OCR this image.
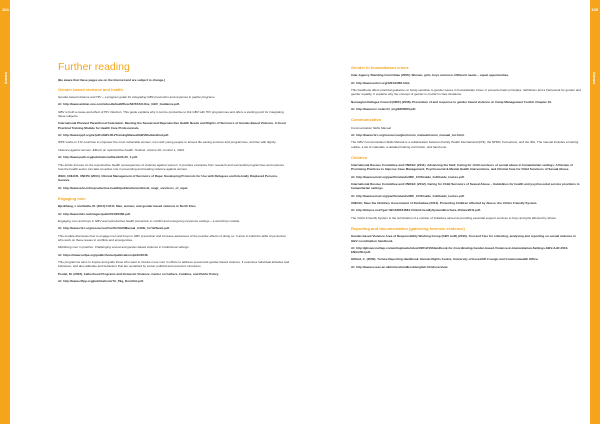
104	105
Annex	Annex
Further reading

(Be aware that these pages are on the Internet and are subject to change.)

Gender based violence and health

Gender-based violence and HIV – a program guide for integrating GBV prevention and response in pepfar programs.

At: http://www.aidstar-one.com/sites/default/files/AIDSTAR-One_GBV_Guidance.pdf.

GBV is both a cause and effect of HIV infection. This guide explains why it can be productive to link GBV with HIV programmes and offers a starting point for integrating these subjects.

International Planned Parenthood Federation. Meeting the Sexual and Reproductive Health Needs and Rights of Survivors of Gender-Based Violence. A Good Practical Training Module for Health Care Professionals.

At: http://www.ippf.org/nr/pdfs/GBV-RH/TrainingManual/GBVModuleHind.pdf.

IPPF works in 172 countries to empower the most vulnerable women, men and young people to access life-saving services and programmes, and live with dignity.

Violence against women. Effects on reproductive health. Outlook, volume 20, number 1, 2001.

At: http://www.path.org/publications/files/EOL20_1.pdf.

This article focuses on the reproductive health consequences of violence against women. It provides examples from research and successful programmes and explores how the health sector can take an active role in preventing and treating violence against women.

WHO, UNHCR, UNFPA (2004). Clinical Management of Survivors of Rape: Developing Protocols for Use with Refugees and Internally Displaced Persons. Geneva.

At: http://www.who.int/reproductive-health/publications/clinical_mngt_survivors_of_rape/.

Engaging men

Bjerkhaug, I. and Bella, M. (2014) FAFO. Men, women, and gender-based violence in North Kivu.

At: http://www.fafo.no/images/pub/2014/20366.pdf.

Engaging men and boys in GBV and reproductive health prevention in conflict and emergency-response settings – a workshop module.

At: http://www.rhrc.org/resources/Conflict%20Manual_CARE_for%20web.pdf.

This module discusses how to engage men and boys in GBV prevention and increase awareness of the positive effects of doing so. It aims to build the skills of personnel who work on these issues in conflicts and emergencies.

Mobilising men in practice. Challenging sexual and gender-based violence in institutional settings.

At: https://www.unfpa.org/public/home/publications/pid/10046.

This programme aims to inspire and guide those who want to involve more men in efforts to address sexual and gender-based violence. It examines individual attitudes and behaviour, and also attitudes and behaviour that are sustained by social, political and economic structures.

Poulet, M. (2003). Fatherhood Programs and Domestic Violence. Center on Fathers, Families, and Public Policy.

At: http://www.cffpp.org/publications/TA_Pkg_DomViol.pdf.

Gender in humanitarian crises

Inter-Agency Standing Committee (2006). Women, girls, boys and men. Different needs – equal opportunities.

At: http://www.unhcr.org/4291d4f66.html.

This handbook offers practical guidance on being sensitive to gender issues in humanitarian crises. It presents basic principles, definitions and a framework for gender and gender equality. It explains why the concept of gender is crucial in crisis situations.

Norwegian Refugee Council (NRC) (2008). Prevention of and response to gender based violence. In Camp Management Toolkit, Chapter 10.

At: http://www.nrc.no/arch/_img/9293583.pdf.

Communication

Communication Skills Manual

At: http://www.rhrc.org/resources/gbv/comm_manual/comm_manual_toc.html.

The GBV Communication Skills Manual is a collaboration between Family Health International (FHI), the RHRC Consortium, and the IRC. The manual includes a training outline, a list of materials, a detailed training curriculum, and hand outs.

Children

International Rescue Committee and UNICEF (2011). Advancing the field: Caring for child survivors of sexual abuse in humanitarian settings. A Review of Promising Practices to Improve Case Management, Psychosocial & Mental Health Interventions, and Clinical Care for Child Survivors of Sexual Abuse.

At: http://www.unicef.org/pacificislands/IRC_CCSGuide_FullGuide_lowres.pdf.

International Rescue Committee and UNICEF (2012). Caring for Child Survivors of Sexual Abuse – Guidelines for health and psychosocial service providers in humanitarian settings.

At: http://www.unicef.org/pacificislands/IRC_CCSGuide_FullGuide_lowres.pdf.

UNICEF, Save the Children, Government of Zimbabwe (2012). Protecting Children Affected by Abuse: the Victim Friendly System.

At: http://mhpss.net/?get=49/1328164684-VictimFriendlySystemBrochure-15June2011.pdf.

The Victim Friendly System is the culmination of a number of initiatives aimed at providing essential support services to boys and girls affected by abuse.

Reporting and documentation (gathering forensic evidence)

Gender-based Violence Area of Responsibility Working Group (GBV AoR) (2010). Tool and Tips for collecting, analysing and reporting on sexual violence in GBV coordination handbook.

At: http://gbvaor.net/wp-content/uploads/sites/3/2012/10/Handbook-for-Coordinating-Gender-based-Violence-in-Humanitarian-Settings-GBV-AoR-2010-ENGLISH.pdf.

Giffard, C. (2000). Torture Reporting Handbook. Human Rights Centre, University of Essex/UK Foreign and Commonwealth Office.

At: http://www.essex.ac.uk/torturehandbook/english.htm#overview.
